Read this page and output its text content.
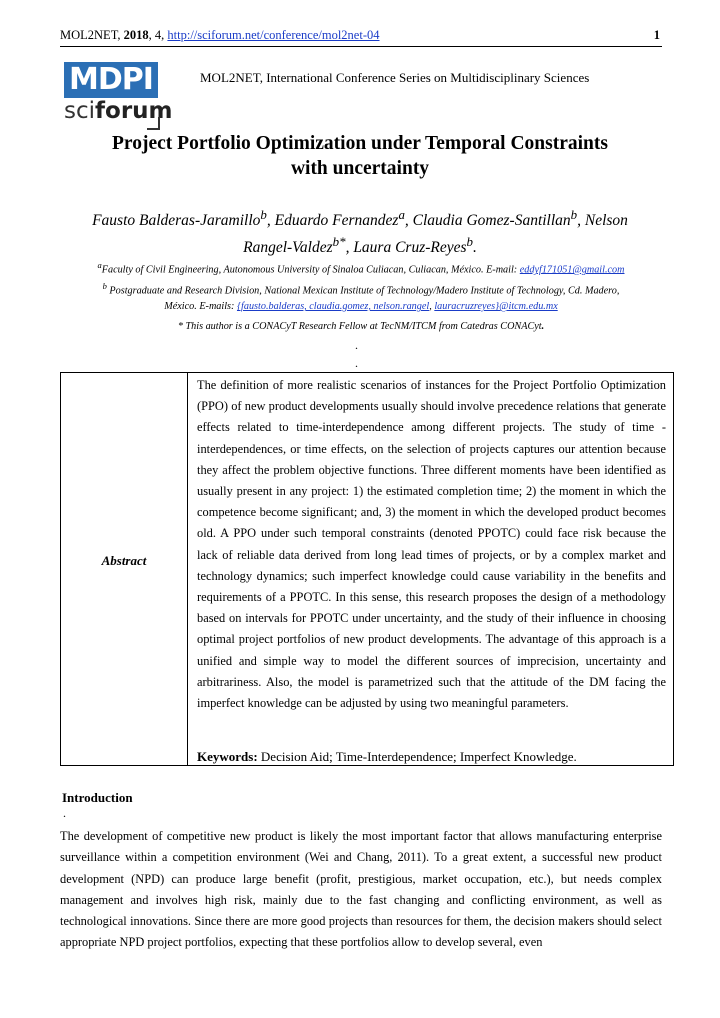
MOL2NET, 2018, 4, http://sciforum.net/conference/mol2net-04	1
MDPI
sciforum
MOL2NET, International Conference Series on Multidisciplinary Sciences
Project Portfolio Optimization under Temporal Constraints
with uncertainty
Fausto Balderas-Jaramillo$^b$, Eduardo Fernandez$^a$, Claudia Gomez-Santillan$^b$, Nelson
Rangel-Valdez$^{b*}$, Laura Cruz-Reyes$^b$.
$^a$Faculty of Civil Engineering, Autonomous University of Sinaloa Culiacan, Culiacan, México. E-mail: eddyf171051@gmail.com
$^b$ Postgraduate and Research Division, National Mexican Institute of Technology/Madero Institute of Technology, Cd. Madero,
México. E-mails: {fausto.balderas, claudia.gomez, nelson.rangel, lauracruzreyes}@itcm.edu.mx
* This author is a CONACyT Research Fellow at TecNM/ITCM from Catedras CONACyt.
.
.
Abstract
The definition of more realistic scenarios of instances for the Project Portfolio Optimization (PPO) of new product developments usually should involve precedence relations that generate effects related to time-interdependence among different projects. The study of time -interdependences, or time effects, on the selection of projects captures our attention because they affect the problem objective functions. Three different moments have been identified as usually present in any project: 1) the estimated completion time; 2) the moment in which the competence become significant; and, 3) the moment in which the developed product becomes old. A PPO under such temporal constraints (denoted PPOTC) could face risk because the lack of reliable data derived from long lead times of projects, or by a complex market and technology dynamics; such imperfect knowledge could cause variability in the benefits and requirements of a PPOTC. In this sense, this research proposes the design of a methodology based on intervals for PPOTC under uncertainty, and the study of their influence in choosing optimal project portfolios of new product developments. The advantage of this approach is a unified and simple way to model the different sources of imprecision, uncertainty and arbitrariness. Also, the model is parametrized such that the attitude of the DM facing the imperfect knowledge can be adjusted by using two meaningful parameters.
Keywords: Decision Aid; Time-Interdependence; Imperfect Knowledge.
Introduction
.
The development of competitive new product is likely the most important factor that allows manufacturing enterprise surveillance within a competition environment (Wei and Chang, 2011). To a great extent, a successful new product development (NPD) can produce large benefit (profit, prestigious, market occupation, etc.), but needs complex management and involves high risk, mainly due to the fast changing and conflicting environment, as well as technological innovations. Since there are more good projects than resources for them, the decision makers should select appropriate NPD project portfolios, expecting that these portfolios allow to develop several, even
